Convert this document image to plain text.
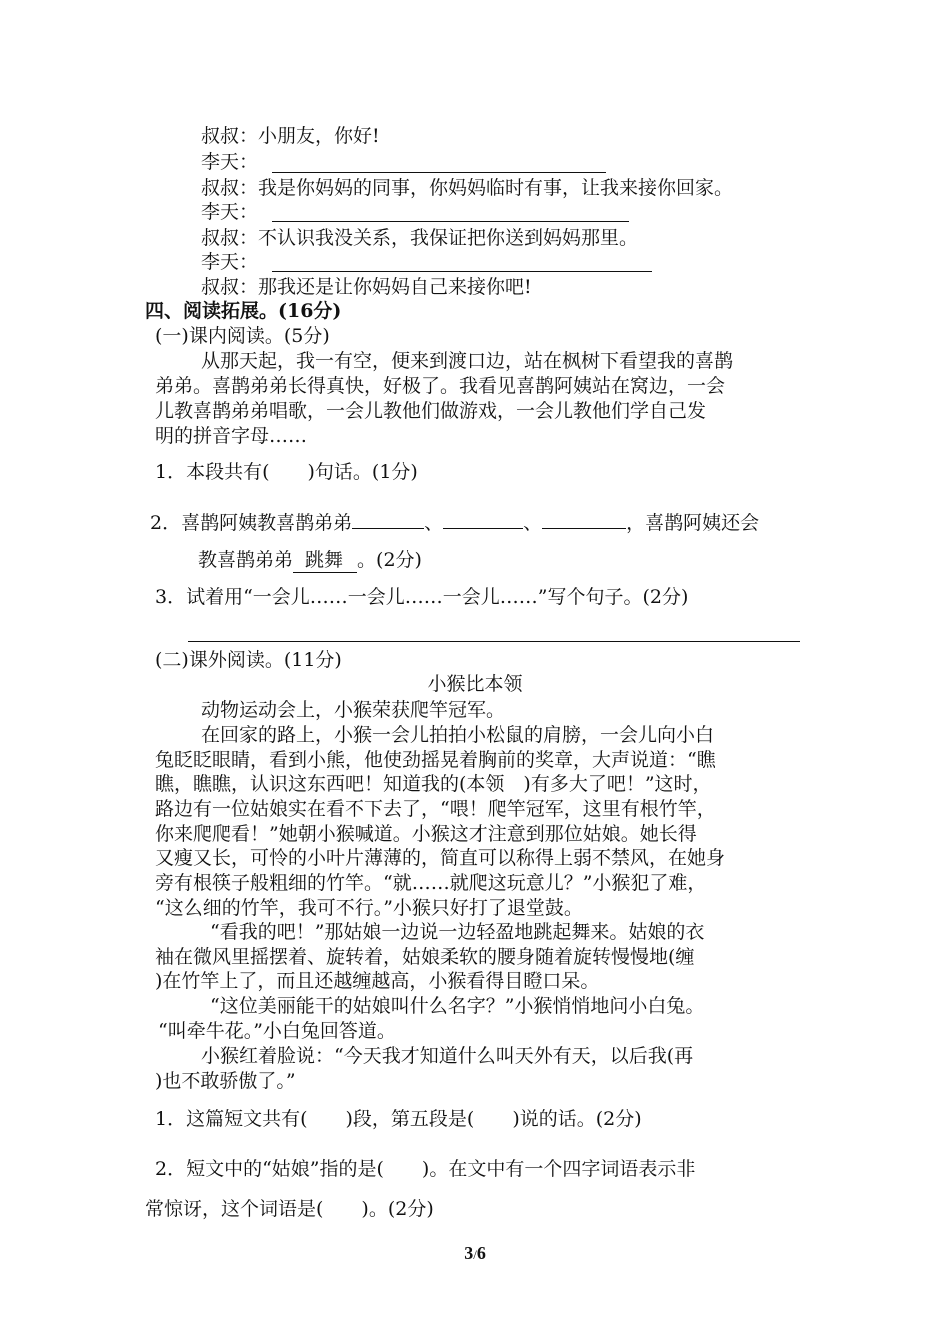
叔叔：小朋友，你好!
李天：
叔叔：我是你妈妈的同事，你妈妈临时有事，让我来接你回家。
李天：
叔叔：不认识我没关系，我保证把你送到妈妈那里。
李天：
叔叔：那我还是让你妈妈自己来接你吧!
四、阅读拓展。(16分)
(一)课内阅读。(5分)
从那天起，我一有空，便来到渡口边，站在枫树下看望我的喜鹊
弟弟。喜鹊弟弟长得真快，好极了。我看见喜鹊阿姨站在窝边，一会
儿教喜鹊弟弟唱歌，一会儿教他们做游戏，一会儿教他们学自己发
明的拼音字母……
1．本段共有(　　)句话。(1分)
2．喜鹊阿姨教喜鹊弟弟	、	、	，喜鹊阿姨还会
教喜鹊弟弟 跳舞 。(2分)
3．试着用“一会儿……一会儿……一会儿……”写个句子。(2分)
(二)课外阅读。(11分)
小猴比本领
动物运动会上，小猴荣获爬竿冠军。
在回家的路上，小猴一会儿拍拍小松鼠的肩膀，一会儿向小白
兔眨眨眼睛，看到小熊，他使劲摇晃着胸前的奖章，大声说道：“瞧
瞧，瞧瞧，认识这东西吧！知道我的(本领　)有多大了吧！”这时，
路边有一位姑娘实在看不下去了，“喂！爬竿冠军，这里有根竹竿，
你来爬爬看！”她朝小猴喊道。小猴这才注意到那位姑娘。她长得
又瘦又长，可怜的小叶片薄薄的，简直可以称得上弱不禁风，在她身
旁有根筷子般粗细的竹竿。“就……就爬这玩意儿？”小猴犯了难，
“这么细的竹竿，我可不行。”小猴只好打了退堂鼓。
“看我的吧！”那姑娘一边说一边轻盈地跳起舞来。姑娘的衣
袖在微风里摇摆着、旋转着，姑娘柔软的腰身随着旋转慢慢地(缠
)在竹竿上了，而且还越缠越高，小猴看得目瞪口呆。
“这位美丽能干的姑娘叫什么名字？”小猴悄悄地问小白兔。
“叫牵牛花。”小白兔回答道。
小猴红着脸说：“今天我才知道什么叫天外有天，以后我(再
)也不敢骄傲了。”
1．这篇短文共有(　　)段，第五段是(　　)说的话。(2分)
2．短文中的“姑娘”指的是(　　)。在文中有一个四字词语表示非
常惊讶，这个词语是(　　)。(2分)
3/6
